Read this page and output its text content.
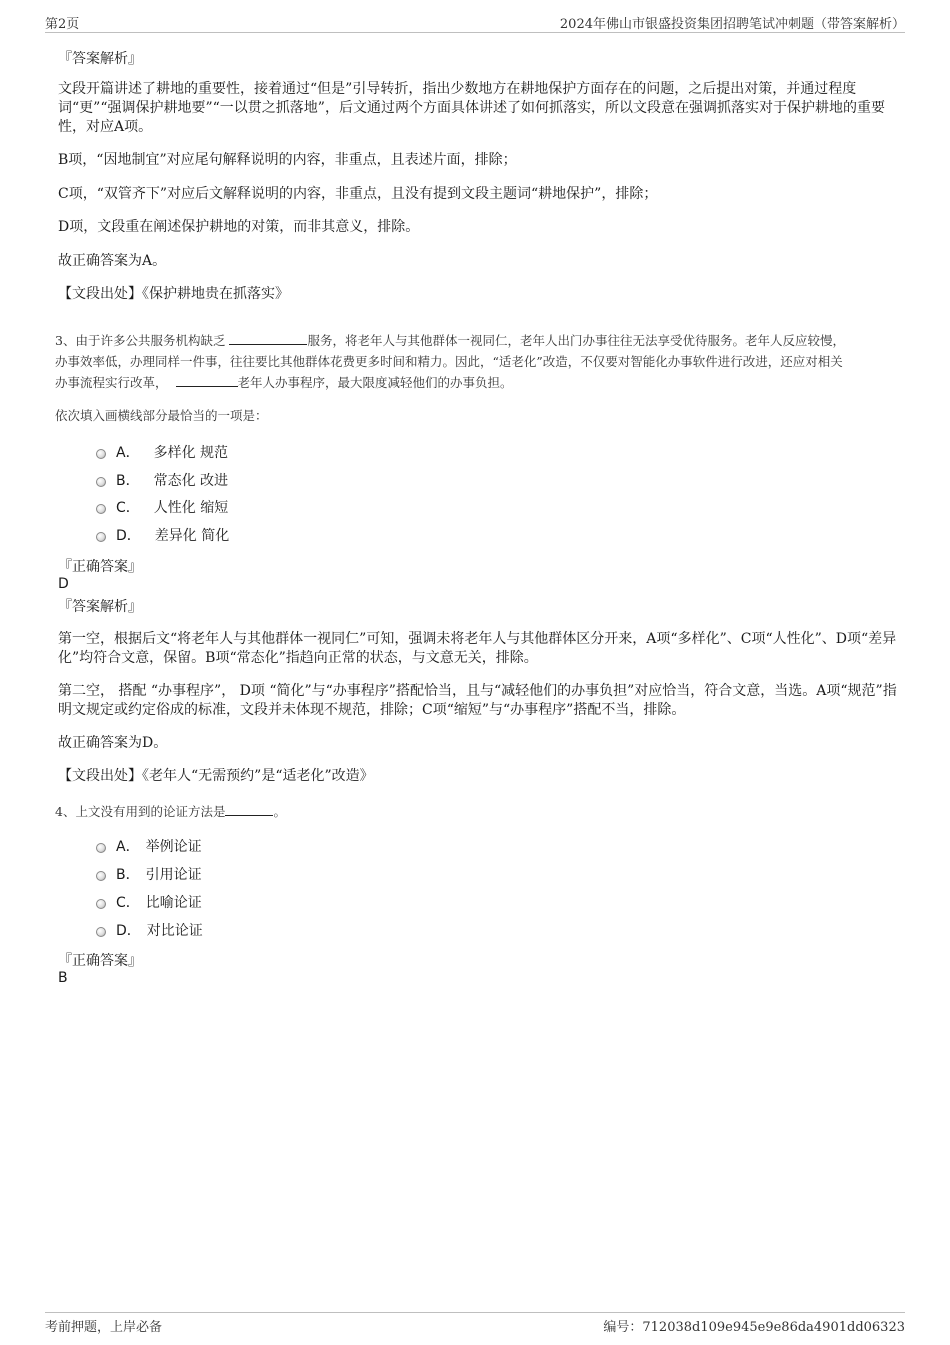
第2页	2024年佛山市银盛投资集团招聘笔试冲刺题（带答案解析）
『答案解析』
文段开篇讲述了耕地的重要性，接着通过“但是”引导转折，指出少数地方在耕地保护方面存在的问题，之后提出对策，并通过程度词“更”“强调保护耕地要”“一以贯之抓落地”，后文通过两个方面具体讲述了如何抓落实，所以文段意在强调抓落实对于保护耕地的重要性，对应A项。
B项，“因地制宜”对应尾句解释说明的内容，非重点，且表述片面，排除；
C项，“双管齐下”对应后文解释说明的内容，非重点，且没有提到文段主题词“耕地保护”，排除；
D项，文段重在阐述保护耕地的对策，而非其意义，排除。
故正确答案为A。
【文段出处】《保护耕地贵在抓落实》
3、由于许多公共服务机构缺乏	服务，将老年人与其他群体一视同仁，老年人出门办事往往无法享受优待服务。老年人反应较慢，
办事效率低，办理同样一件事，往往要比其他群体花费更多时间和精力。因此，“适老化”改造，不仅要对智能化办事软件进行改进，还应对相关
办事流程实行改革，	老年人办事程序，最大限度减轻他们的办事负担。
依次填入画横线部分最恰当的一项是：
A． 多样化 规范
B． 常态化 改进
C． 人性化 缩短
D． 差异化 简化
『正确答案』
D
『答案解析』
第一空，根据后文“将老年人与其他群体一视同仁”可知，强调未将老年人与其他群体区分开来，A项“多样化”、C项“人性化”、D项“差异化”均符合文意，保留。B项“常态化”指趋向正常的状态，与文意无关，排除。
第二空， 搭配 “办事程序”， D项 “简化”与“办事程序”搭配恰当，且与“减轻他们的办事负担”对应恰当，符合文意，当选。A项“规范”指明文规定或约定俗成的标准，文段并未体现不规范，排除；C项“缩短”与“办事程序”搭配不当，排除。
故正确答案为D。
【文段出处】《老年人“无需预约”是“适老化”改造》
4、上文没有用到的论证方法是	。
A． 举例论证
B． 引用论证
C． 比喻论证
D． 对比论证
『正确答案』
B
考前押题，上岸必备	编号：712038d109e945e9e86da4901dd06323
